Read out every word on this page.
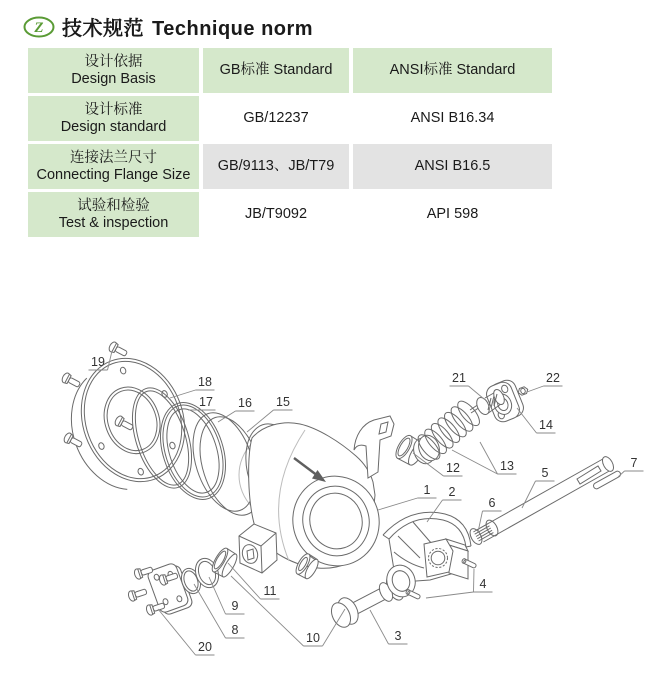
Z 技术规范 Technique norm
设计依据
Design Basis
GB标准 Standard	ANSI标准 Standard
设计标准
Design standard
GB/12237	ANSI B16.34
连接法兰尺寸
Connecting Flange Size
GB/9113、JB/T79	ANSI B16.5
试验和检验
Test & inspection
JB/T9092	API 598
1 2
3
4
5
6
7
8
9
10
11
12	13
14
15
16
17
18
19
20
21	22
